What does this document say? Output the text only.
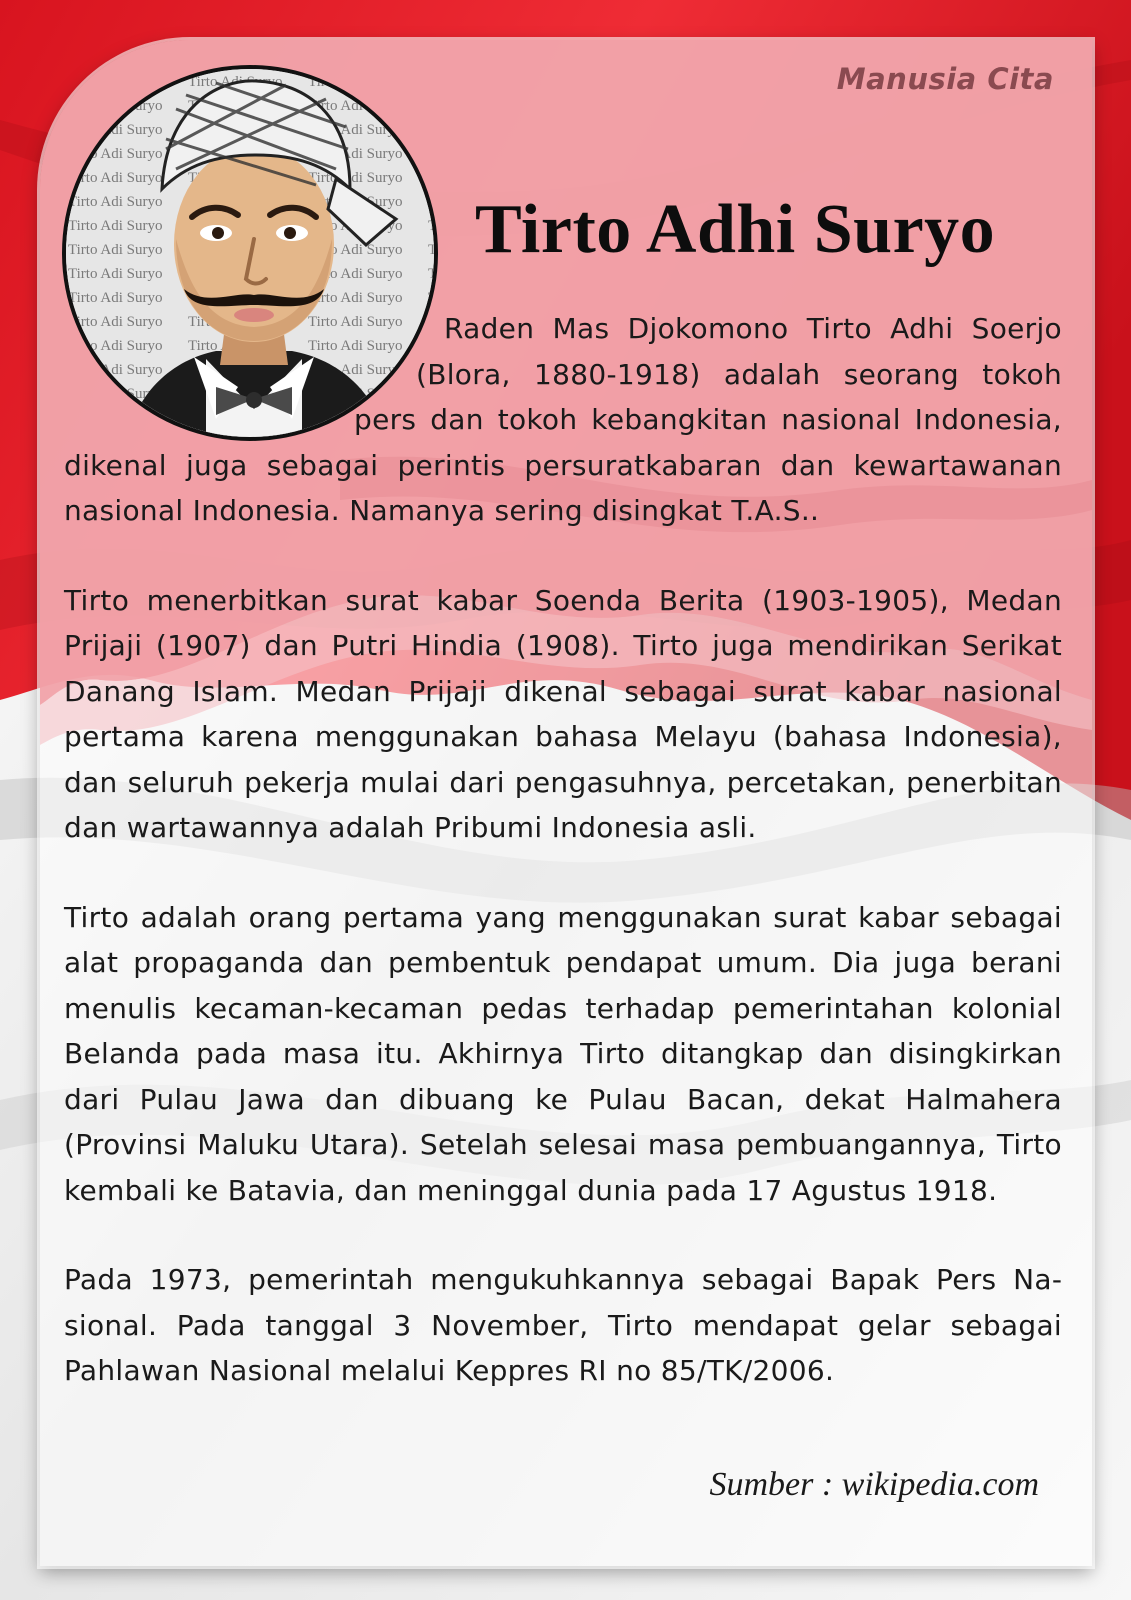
Manusia Cita
Tirto Adhi Suryo

Raden Mas Djokomono Tirto Adhi Soerjo (Blora, 1880-1918) adalah seorang tokoh pers dan tokoh kebangkitan nasional Indonesia, dikenal juga sebagai perintis persuratkabaran dan kewartawanan nasional Indonesia. Namanya sering disingkat T.A.S..

Tirto menerbitkan surat kabar Soenda Berita (1903-1905), Medan Prijaji (1907) dan Putri Hindia (1908). Tirto juga mendirikan Serikat Danang Islam. Medan Prijaji dikenal sebagai surat kabar nasional pertama karena menggunakan bahasa Melayu (bahasa Indonesia), dan seluruh pekerja mulai dari pengasuhnya, percetakan, penerbitan dan wartawannya adalah Pribumi Indonesia asli.

Tirto adalah orang pertama yang menggunakan surat kabar sebagai alat propaganda dan pembentuk pendapat umum. Dia juga berani menulis kecaman-kecaman pedas terhadap pemerintahan kolonial Belanda pada masa itu. Akhirnya Tirto ditangkap dan disingkirkan dari Pulau Jawa dan dibuang ke Pulau Bacan, dekat Halmahera (Provinsi Maluku Utara). Setelah selesai masa pembuangannya, Tirto kembali ke Batavia, dan meninggal dunia pada 17 Agustus 1918.

Pada 1973, pemerintah mengukuhkannya sebagai Bapak Pers Nasional. Pada tanggal 3 November, Tirto mendapat gelar sebagai Pahlawan Nasional melalui Keppres RI no 85/TK/2006.

Sumber : wikipedia.com
